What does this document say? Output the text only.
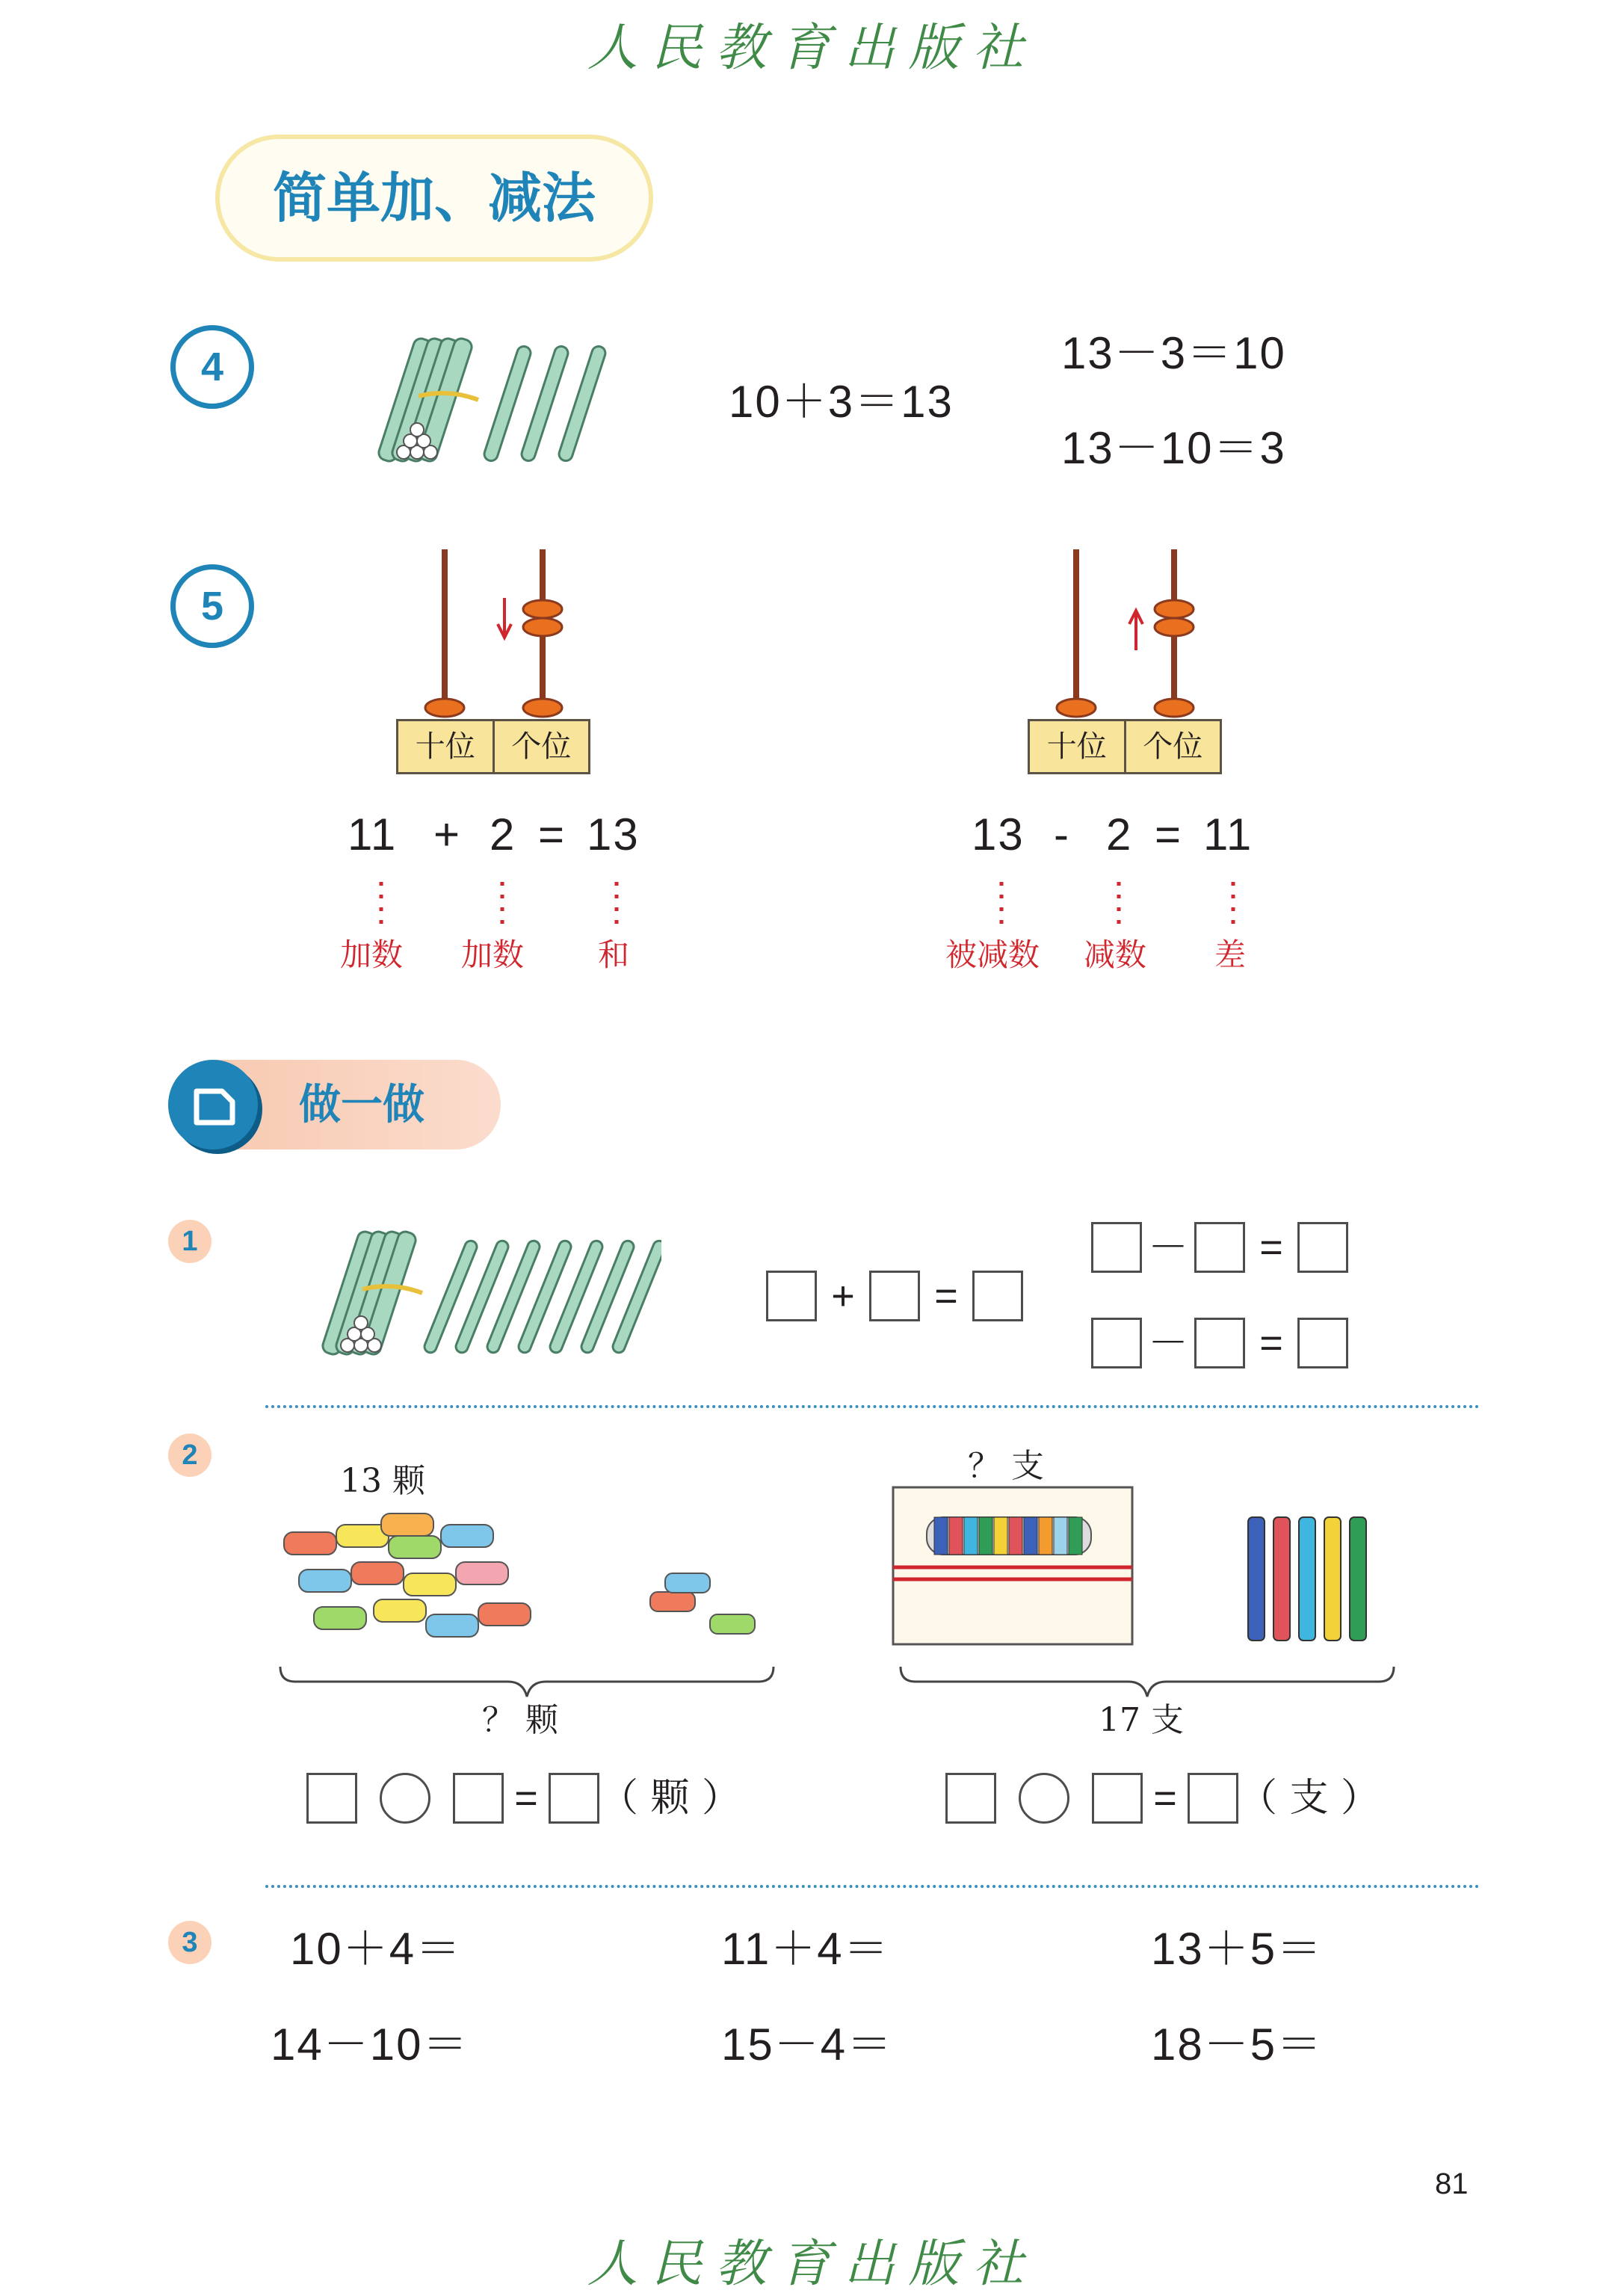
人民教育出版社
简单加、减法
4
10＋3＝13
13－3＝10
13－10＝3
5
十位	个位	十位	个位
11 + 2 = 13
加数 加数 和
13 - 2 = 11
被减数 减数 差
做一做
1
+	=
－	=
－	=
2
13 颗
？ 颗
= （ 颗 ）
？ 支
17 支
= （ 支 ）
3	10＋4＝	11＋4＝	13＋5＝
14－10＝	15－4＝	18－5＝
81
人民教育出版社
